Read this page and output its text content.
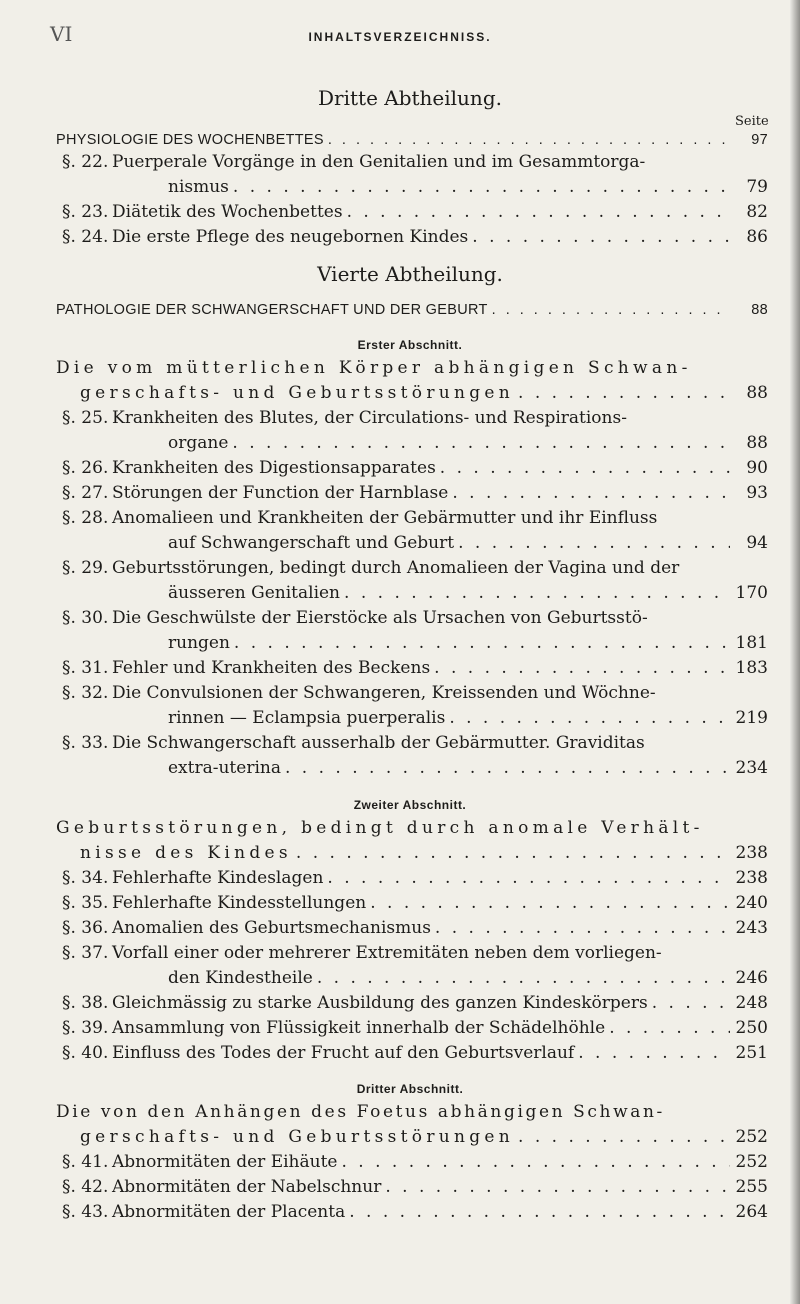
VI	INHALTSVERZEICHNISS.
Dritte Abtheilung.
Seite
PHYSIOLOGIE DES WOCHENBETTES . . .	97
§. 22. Puerperale Vorgänge in den Genitalien und im Gesammtorga-
nismus . . .	79
§. 23. Diätetik des Wochenbettes . . .	82
§. 24. Die erste Pflege des neugebornen Kindes . . .	86
Vierte Abtheilung.
PATHOLOGIE DER SCHWANGERSCHAFT UND DER GEBURT . . .	88
Erster Abschnitt.
Die vom mütterlichen Körper abhängigen Schwan-
gerschafts- und Geburtsstörungen . . .	88
§. 25. Krankheiten des Blutes, der Circulations- und Respirations-
organe . . .	88
§. 26. Krankheiten des Digestionsapparates . . .	90
§. 27. Störungen der Function der Harnblase . . .	93
§. 28. Anomalieen und Krankheiten der Gebärmutter und ihr Einfluss
auf Schwangerschaft und Geburt . . .	94
§. 29. Geburtsstörungen, bedingt durch Anomalieen der Vagina und der
äusseren Genitalien . . .	170
§. 30. Die Geschwülste der Eierstöcke als Ursachen von Geburtsstö-
rungen . . .	181
§. 31. Fehler und Krankheiten des Beckens . . .	183
§. 32. Die Convulsionen der Schwangeren, Kreissenden und Wöchne-
rinnen — Eclampsia puerperalis . . .	219
§. 33. Die Schwangerschaft ausserhalb der Gebärmutter. Graviditas
extra-uterina . . .	234
Zweiter Abschnitt.
Geburtsstörungen, bedingt durch anomale Verhält-
nisse des Kindes . . .	238
§. 34. Fehlerhafte Kindeslagen . . .	238
§. 35. Fehlerhafte Kindesstellungen . . .	240
§. 36. Anomalien des Geburtsmechanismus . . .	243
§. 37. Vorfall einer oder mehrerer Extremitäten neben dem vorliegen-
den Kindestheile . . .	246
§. 38. Gleichmässig zu starke Ausbildung des ganzen Kindeskörpers . . .	248
§. 39. Ansammlung von Flüssigkeit innerhalb der Schädelhöhle . . .	250
§. 40. Einfluss des Todes der Frucht auf den Geburtsverlauf . . .	251
Dritter Abschnitt.
Die von den Anhängen des Foetus abhängigen Schwan-
gerschafts- und Geburtsstörungen . . .	252
§. 41. Abnormitäten der Eihäute . . .	252
§. 42. Abnormitäten der Nabelschnur . . .	255
§. 43. Abnormitäten der Placenta . . .	264
